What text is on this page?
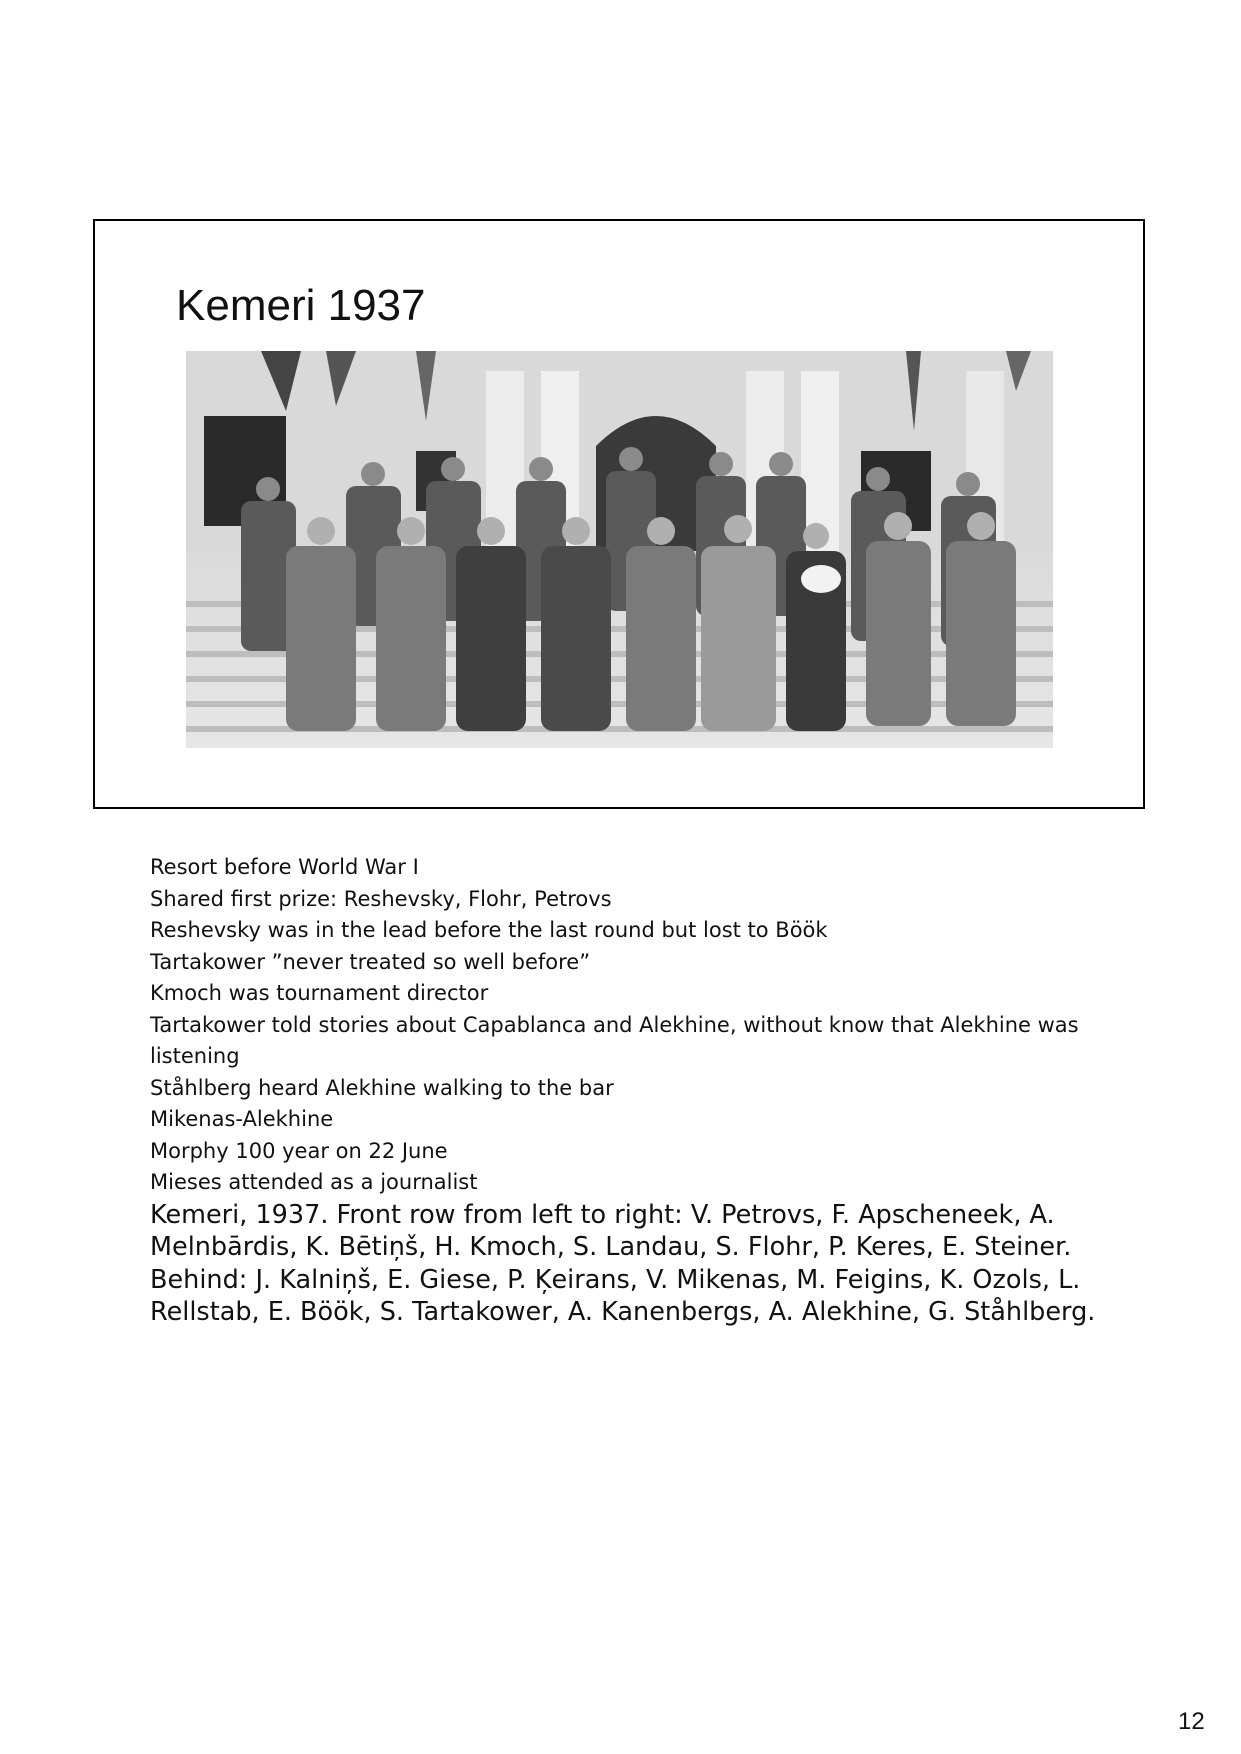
Kemeri 1937

Resort before World War I

Shared first prize: Reshevsky, Flohr, Petrovs

Reshevsky was in the lead before the last round but lost to Böök

Tartakower ”never treated so well before”

Kmoch was tournament director

Tartakower told stories about Capablanca and Alekhine, without know that Alekhine was listening

Ståhlberg heard Alekhine walking to the bar

Mikenas-Alekhine

Morphy 100 year on 22 June

Mieses attended as a journalist

Kemeri, 1937. Front row from left to right: V. Petrovs, F. Apscheneek, A. Melnbārdis, K. Bētiņš, H. Kmoch, S. Landau, S. Flohr, P. Keres, E. Steiner. Behind: J. Kalniņš, E. Giese, P. Ķeirans, V. Mikenas, M. Feigins, K. Ozols, L. Rellstab, E. Böök, S. Tartakower, A. Kanenbergs, A. Alekhine, G. Ståhlberg.

12
